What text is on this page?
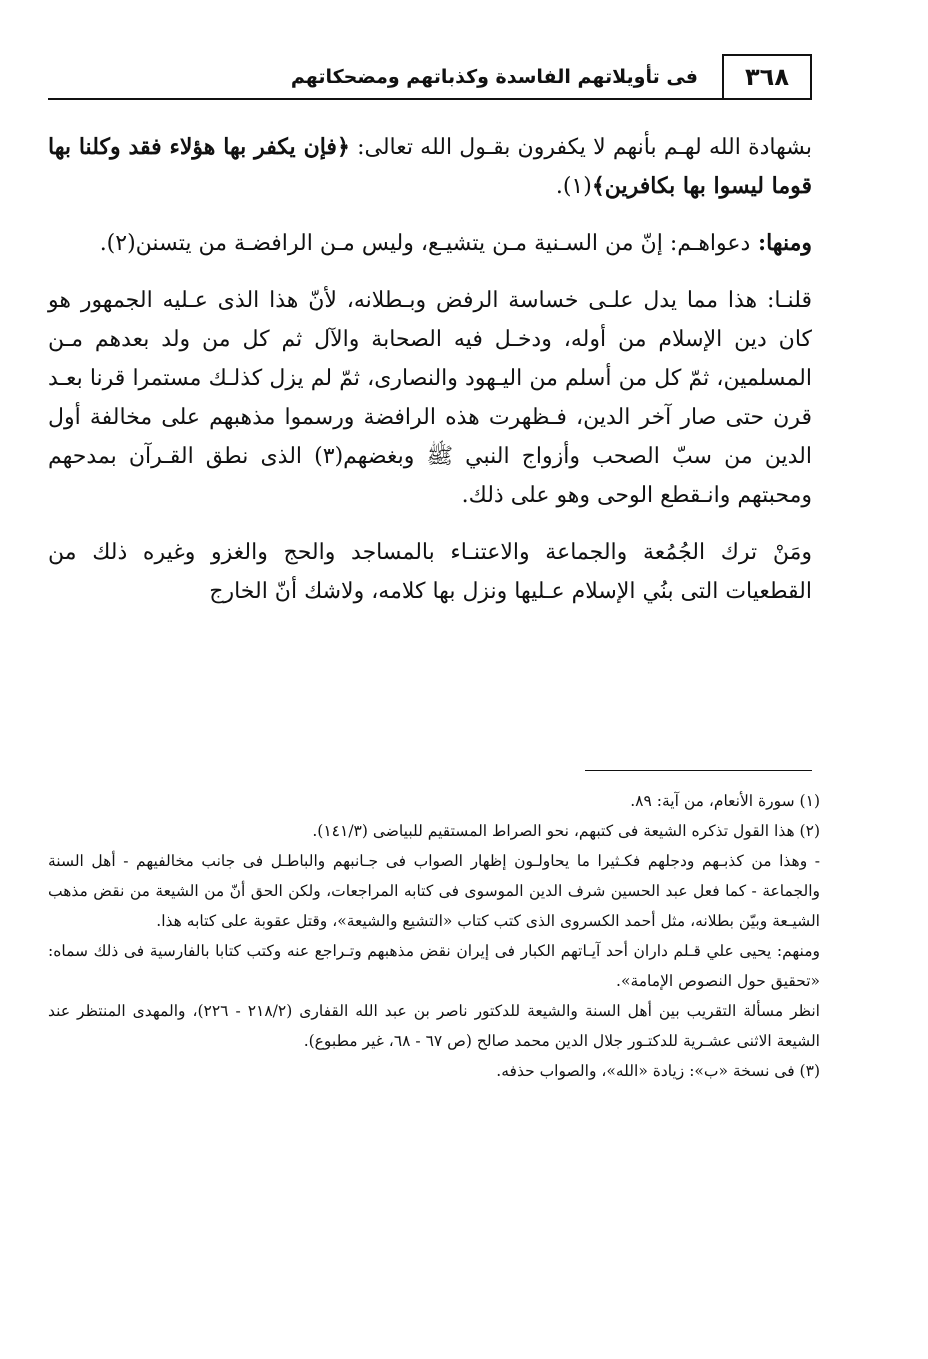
٣٦٨
فى تأويلاتهم الفاسدة وكذباتهم ومضحكاتهم

بشهادة الله لهـم بأنهم لا يكفرون بقـول الله تعالى: ﴿فإن يكفر بها هؤلاء فقد وكلنا بها قوما ليسوا بها بكافرين﴾(١).

ومنها: دعواهـم: إنّ من السـنية مـن يتشيـع، وليس مـن الرافضـة من يتسنن(٢).

قلنـا: هذا مما يدل علـى خساسة الرفض وبـطلانه، لأنّ هذا الذى عـليه الجمهور هو كان دين الإسلام من أوله، ودخـل فيه الصحابة والآل ثم كل من ولد بعدهم مـن المسلمين، ثمّ كل من أسلم من اليـهود والنصارى، ثمّ لم يزل كذلـك مستمرا قرنا بعـد قرن حتى صار آخر الدين، فـظهرت هذه الرافضة ورسموا مذهبهم على مخالفة أول الدين من سبّ الصحب وأزواج النبي ﷺ وبغضهم(٣) الذى نطق القـرآن بمدحهم ومحبتهم وانـقطع الوحى وهو على ذلك.

ومَنْ ترك الجُمُعة والجماعة والاعتنـاء بالمساجد والحج والغزو وغيره ذلك من القطعيات التى بنُي الإسلام عـليها ونزل بها كلامه، ولاشك أنّ الخارج

(١) سورة الأنعام، من آية: ٨٩.

(٢) هذا القول تذكره الشيعة فى كتبهم، نحو الصراط المستقيم للبياضى (١٤١/٣).

- وهذا من كذبـهم ودجلهم فكـثيرا ما يحاولـون إظهار الصواب فى جـانبهم والباطـل فى جانب مخالفيهم - أهل السنة والجماعة - كما فعل عبد الحسين شرف الدين الموسوى فى كتابه المراجعات، ولكن الحق أنّ من الشيعة من نقض مذهب الشيـعة وبيّن بطلانه، مثل أحمد الكسروى الذى كتب كتاب «التشيع والشيعة»، وقتل عقوبة على كتابه هذا.

ومنهم: يحيى علي قـلم داران أحد آيـاتهم الكبار فى إيران نقض مذهبهم وتـراجع عنه وكتب كتابا بالفارسية فى ذلك سماه: «تحقيق حول النصوص الإمامة».

انظر مسألة التقريب بين أهل السنة والشيعة للدكتور ناصر بن عبد الله القفارى (٢١٨/٢ - ٢٢٦)، والمهدى المنتظر عند الشيعة الاثنى عشـرية للدكتـور جلال الدين محمد صالح (ص ٦٧ - ٦٨، غير مطبوع).

(٣) فى نسخة «ب»: زيادة «الله»، والصواب حذفه.
